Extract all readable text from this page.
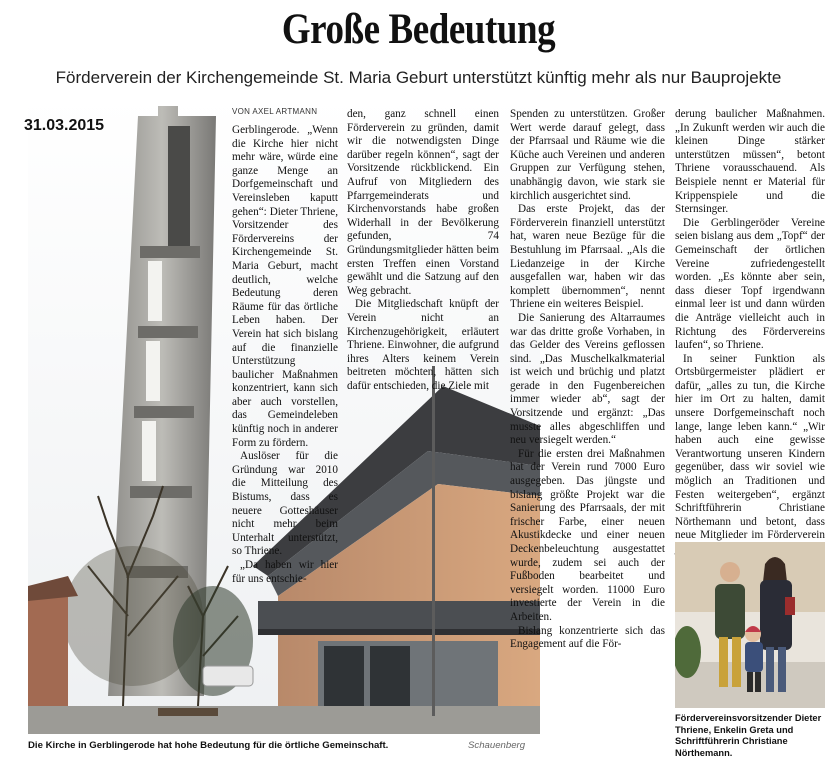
Große Bedeutung
Förderverein der Kirchengemeinde St. Maria Geburt unterstützt künftig mehr als nur Bauprojekte
31.03.2015
VON AXEL ARTMANN

Gerblingerode. „Wenn die Kirche hier nicht mehr wäre, würde eine ganze Menge an Dorfgemeinschaft und Vereinsleben kaputt gehen“: Dieter Thriene, Vorsitzender des Fördervereins der Kirchengemeinde St. Maria Geburt, macht deutlich, welche Bedeutung deren Räume für das örtliche Leben haben. Der Verein hat sich bislang auf die finanzielle Unterstützung baulicher Maßnahmen konzentriert, kann sich aber auch vorstellen, das Gemeindeleben künftig noch in anderer Form zu fördern.

Auslöser für die Gründung war 2010 die Mitteilung des Bistums, dass es neuere Gotteshäuser nicht mehr beim Unterhalt unterstützt, so Thriene.

„Da haben wir hier für uns entschie-

den, ganz schnell einen Förderverein zu gründen, damit wir die notwendigsten Dinge darüber regeln können“, sagt der Vorsitzende rückblickend. Ein Aufruf von Mitgliedern des Pfarrgemeinderats und Kirchenvorstands habe großen Widerhall in der Bevölkerung gefunden, 74 Gründungsmitglieder hätten beim ersten Treffen einen Vorstand gewählt und die Satzung auf den Weg gebracht.

Die Mitgliedschaft knüpft der Verein nicht an Kirchenzugehörigkeit, erläutert Thriene. Einwohner, die aufgrund ihres Alters keinem Verein beitreten möchten, hätten sich dafür entschieden, die Ziele mit

Spenden zu unterstützen. Großer Wert werde darauf gelegt, dass der Pfarrsaal und Räume wie die Küche auch Vereinen und anderen Gruppen zur Verfügung stehen, unabhängig davon, wie stark sie kirchlich ausgerichtet sind.

Das erste Projekt, das der Förderverein finanziell unterstützt hat, waren neue Bezüge für die Bestuhlung im Pfarrsaal. „Als die Liedanzeige in der Kirche ausgefallen war, haben wir das komplett übernommen“, nennt Thriene ein weiteres Beispiel.

Die Sanierung des Altarraumes war das dritte große Vorhaben, in das Gelder des Vereins geflossen sind. „Das Muschelkalkmaterial ist weich und brüchig und platzt gerade in den Fugenbereichen immer wieder ab“, sagt der Vorsitzende und ergänzt: „Das musste alles abgeschliffen und neu versiegelt werden.“

Für die ersten drei Maßnahmen hat der Verein rund 7000 Euro ausgegeben. Das jüngste und bislang größte Projekt war die Sanierung des Pfarrsaals, der mit frischer Farbe, einer neuen Akustikdecke und einer neuen Deckenbeleuchtung ausgestattet wurde, zudem sei auch der Fußboden bearbeitet und versiegelt worden. 11000 Euro investierte der Verein in die Arbeiten.

Bislang konzentrierte sich das Engagement auf die För-

derung baulicher Maßnahmen. „In Zukunft werden wir auch die kleinen Dinge stärker unterstützen müssen“, betont Thriene vorausschauend. Als Beispiele nennt er Material für Krippenspiele und die Sternsinger.

Die Gerblingeröder Vereine seien bislang aus dem „Topf“ der Gemeinschaft der örtlichen Vereine zufriedengestellt worden. „Es könnte aber sein, dass dieser Topf irgendwann einmal leer ist und dann würden die Anträge vielleicht auch in Richtung des Fördervereins laufen“, so Thriene.

In seiner Funktion als Ortsbürgermeister plädiert er dafür, „alles zu tun, die Kirche hier im Ort zu halten, damit unsere Dorfgemeinschaft noch lange, lange leben kann.“ „Wir haben auch eine gewisse Verantwortung unseren Kindern gegenüber, dass wir soviel wie möglich an Traditionen und Festen weitergeben“, ergänzt Schriftführerin Christiane Nörthemann und betont, dass neue Mitglieder im Förderverein

Die Kirche in Gerblingerode hat hohe Bedeutung für die örtliche Gemeinschaft.	Schauenberg
Fördervereinsvorsitzender Dieter Thriene, Enkelin Greta und Schriftführerin Christiane Nörthemann.
